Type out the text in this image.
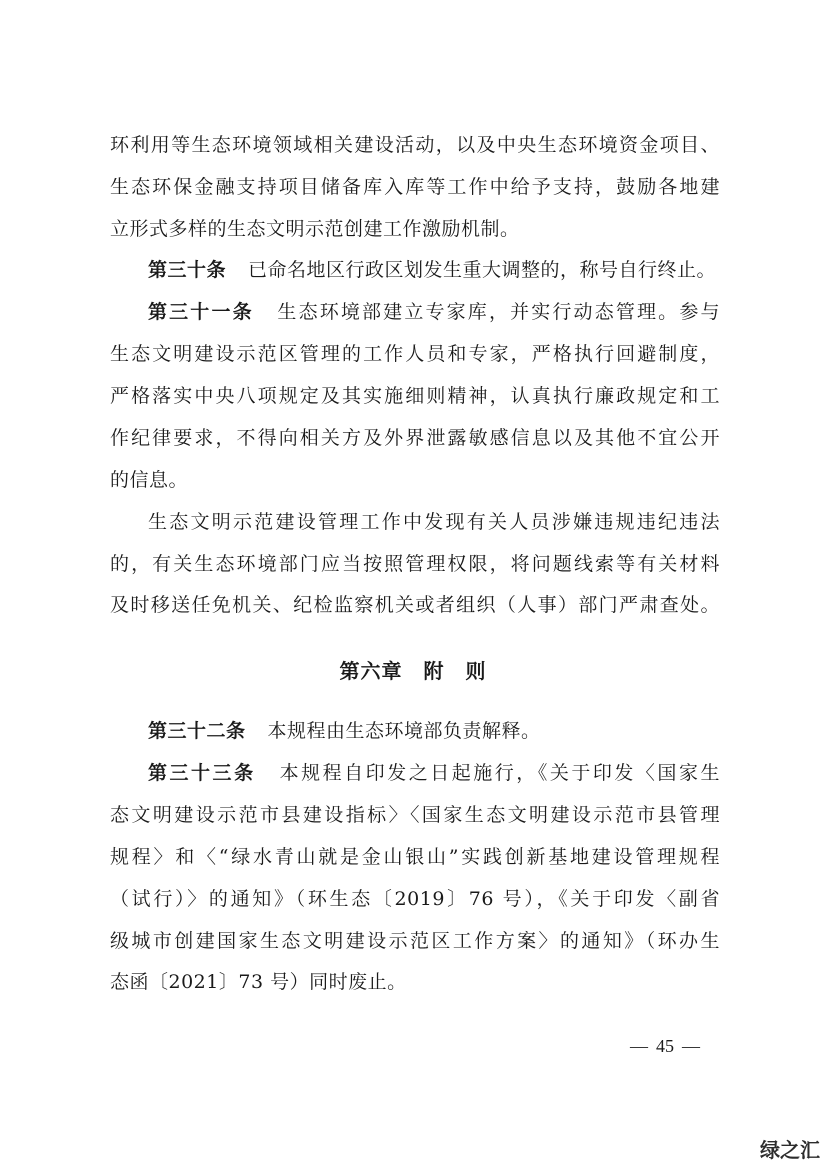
环利用等生态环境领域相关建设活动，以及中央生态环境资金项目、
生态环保金融支持项目储备库入库等工作中给予支持，鼓励各地建
立形式多样的生态文明示范创建工作激励机制。
第三十条 已命名地区行政区划发生重大调整的，称号自行终止。
第三十一条 生态环境部建立专家库，并实行动态管理。参与
生态文明建设示范区管理的工作人员和专家，严格执行回避制度，
严格落实中央八项规定及其实施细则精神，认真执行廉政规定和工
作纪律要求，不得向相关方及外界泄露敏感信息以及其他不宜公开
的信息。
生态文明示范建设管理工作中发现有关人员涉嫌违规违纪违法
的，有关生态环境部门应当按照管理权限，将问题线索等有关材料
及时移送任免机关、纪检监察机关或者组织（人事）部门严肃查处。
第六章　附　则
第三十二条 本规程由生态环境部负责解释。
第三十三条 本规程自印发之日起施行，《关于印发〈国家生
态文明建设示范市县建设指标〉〈国家生态文明建设示范市县管理
规程〉和〈“绿水青山就是金山银山”实践创新基地建设管理规程
（试行）〉的通知》（环生态〔2019〕76 号），《关于印发〈副省
级城市创建国家生态文明建设示范区工作方案〉的通知》（环办生
态函〔2021〕73 号）同时废止。
— 45 —
绿之汇
